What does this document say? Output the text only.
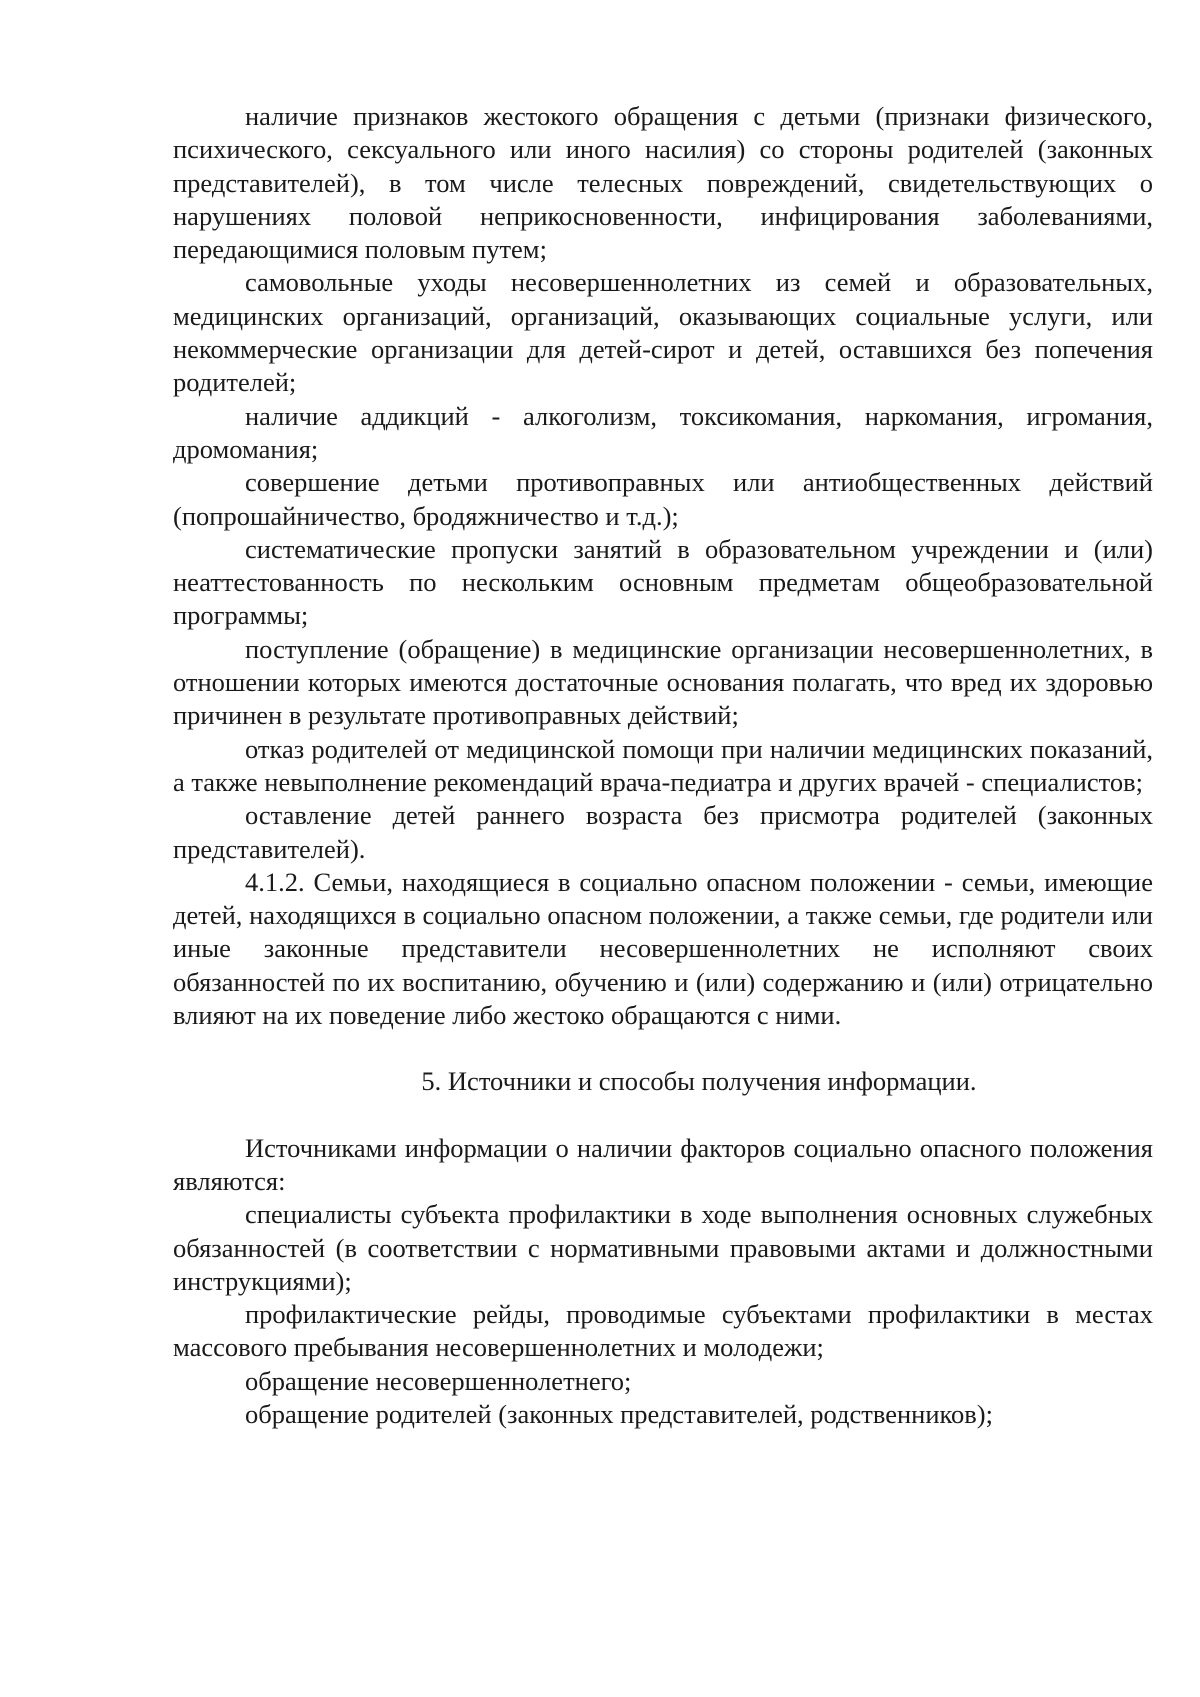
наличие признаков жестокого обращения с детьми (признаки физического, психического, сексуального или иного насилия) со стороны родителей (законных представителей), в том числе телесных повреждений, свидетельствующих о нарушениях половой неприкосновенности, инфицирования заболеваниями, передающимися половым путем;

самовольные уходы несовершеннолетних из семей и образовательных, медицинских организаций, организаций, оказывающих социальные услуги, или некоммерческие организации для детей-сирот и детей, оставшихся без попечения родителей;

наличие аддикций - алкоголизм, токсикомания, наркомания, игромания, дромомания;

совершение детьми противоправных или антиобщественных действий (попрошайничество, бродяжничество и т.д.);

систематические пропуски занятий в образовательном учреждении и (или) неаттестованность по нескольким основным предметам общеобразовательной программы;

поступление (обращение) в медицинские организации несовершеннолетних, в отношении которых имеются достаточные основания полагать, что вред их здоровью причинен в результате противоправных действий;

отказ родителей от медицинской помощи при наличии медицинских показаний, а также невыполнение рекомендаций врача-педиатра и других врачей - специалистов;

оставление детей раннего возраста без присмотра родителей (законных представителей).

4.1.2. Семьи, находящиеся в социально опасном положении - семьи, имеющие детей, находящихся в социально опасном положении, а также семьи, где родители или иные законные представители несовершеннолетних не исполняют своих обязанностей по их воспитанию, обучению и (или) содержанию и (или) отрицательно влияют на их поведение либо жестоко обращаются с ними.

5. Источники и способы получения информации.

Источниками информации о наличии факторов социально опасного положения являются:

специалисты субъекта профилактики в ходе выполнения основных служебных обязанностей (в соответствии с нормативными правовыми актами и должностными инструкциями);

профилактические рейды, проводимые субъектами профилактики в местах массового пребывания несовершеннолетних и молодежи;

обращение несовершеннолетнего;

обращение родителей (законных представителей, родственников);
